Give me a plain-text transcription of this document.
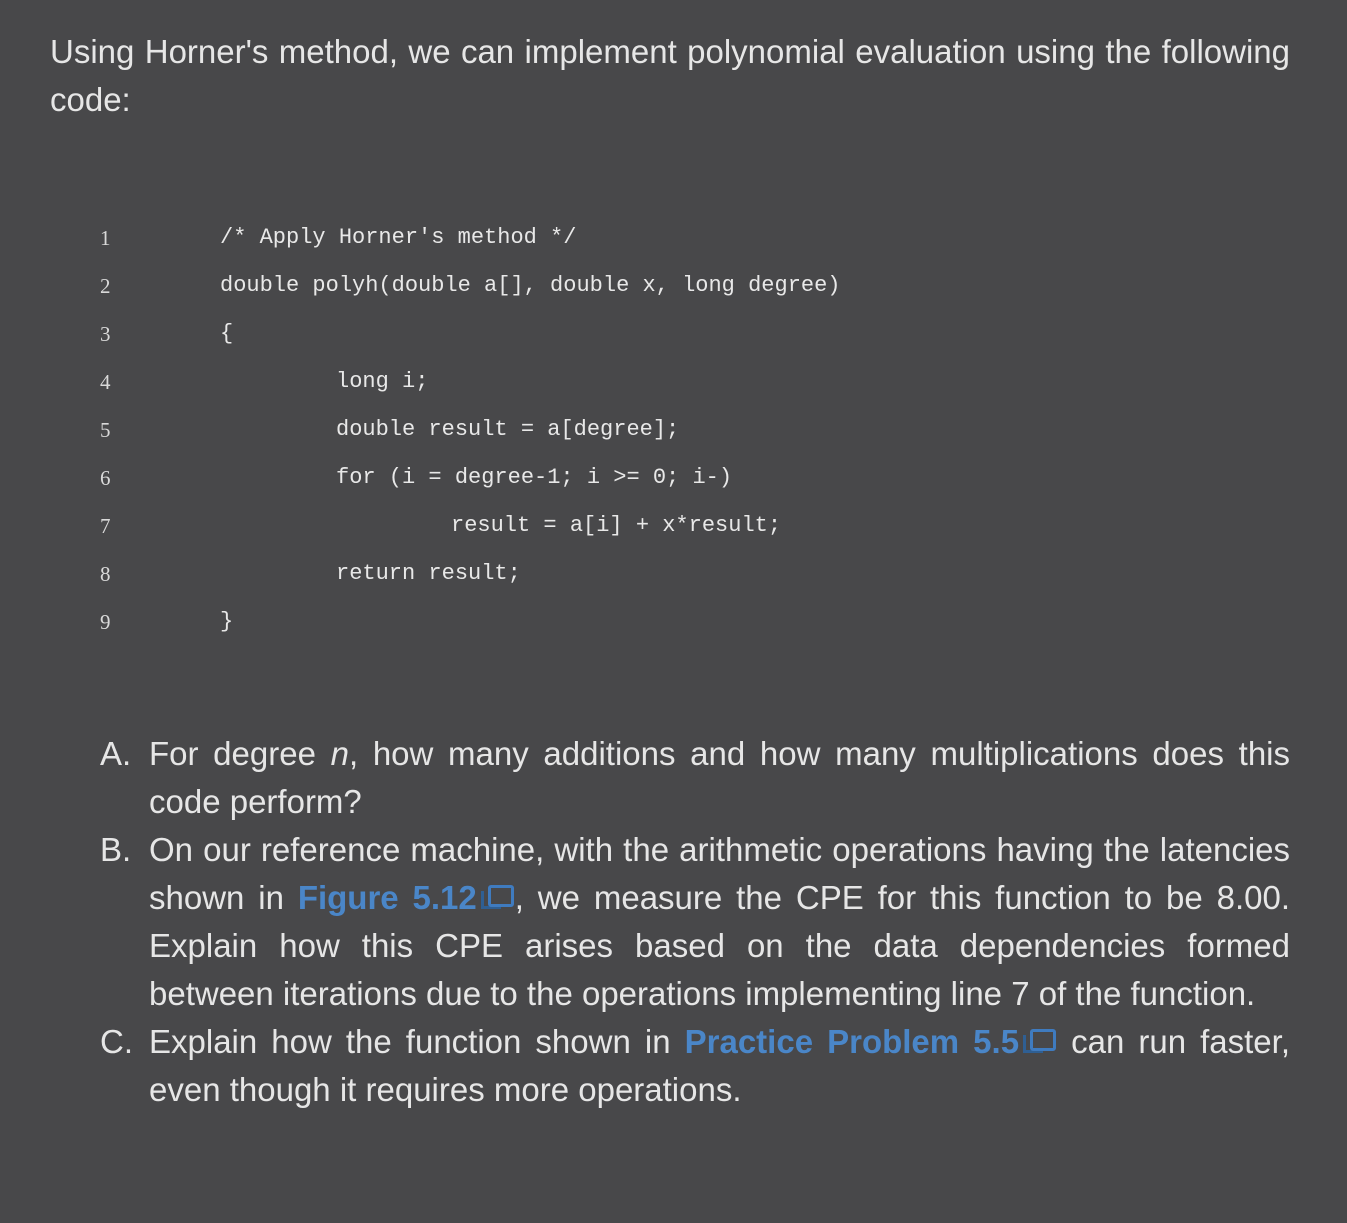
Using Horner's method, we can implement polynomial evaluation using the following code:

1	/* Apply Horner's method */
2	double polyh(double a[], double x, long degree)
3	{
4	long i;
5	double result = a[degree];
6	for (i = degree-1; i >= 0; i-)
7	result = a[i] + x*result;
8	return result;
9	}
A. For degree n, how many additions and how many multiplications does this code perform?
B. On our reference machine, with the arithmetic operations having the latencies shown in Figure 5.12 , we measure the CPE for this function to be 8.00. Explain how this CPE arises based on the data dependencies formed between iterations due to the operations implementing line 7 of the function.
C. Explain how the function shown in Practice Problem 5.5 can run faster, even though it requires more operations.
